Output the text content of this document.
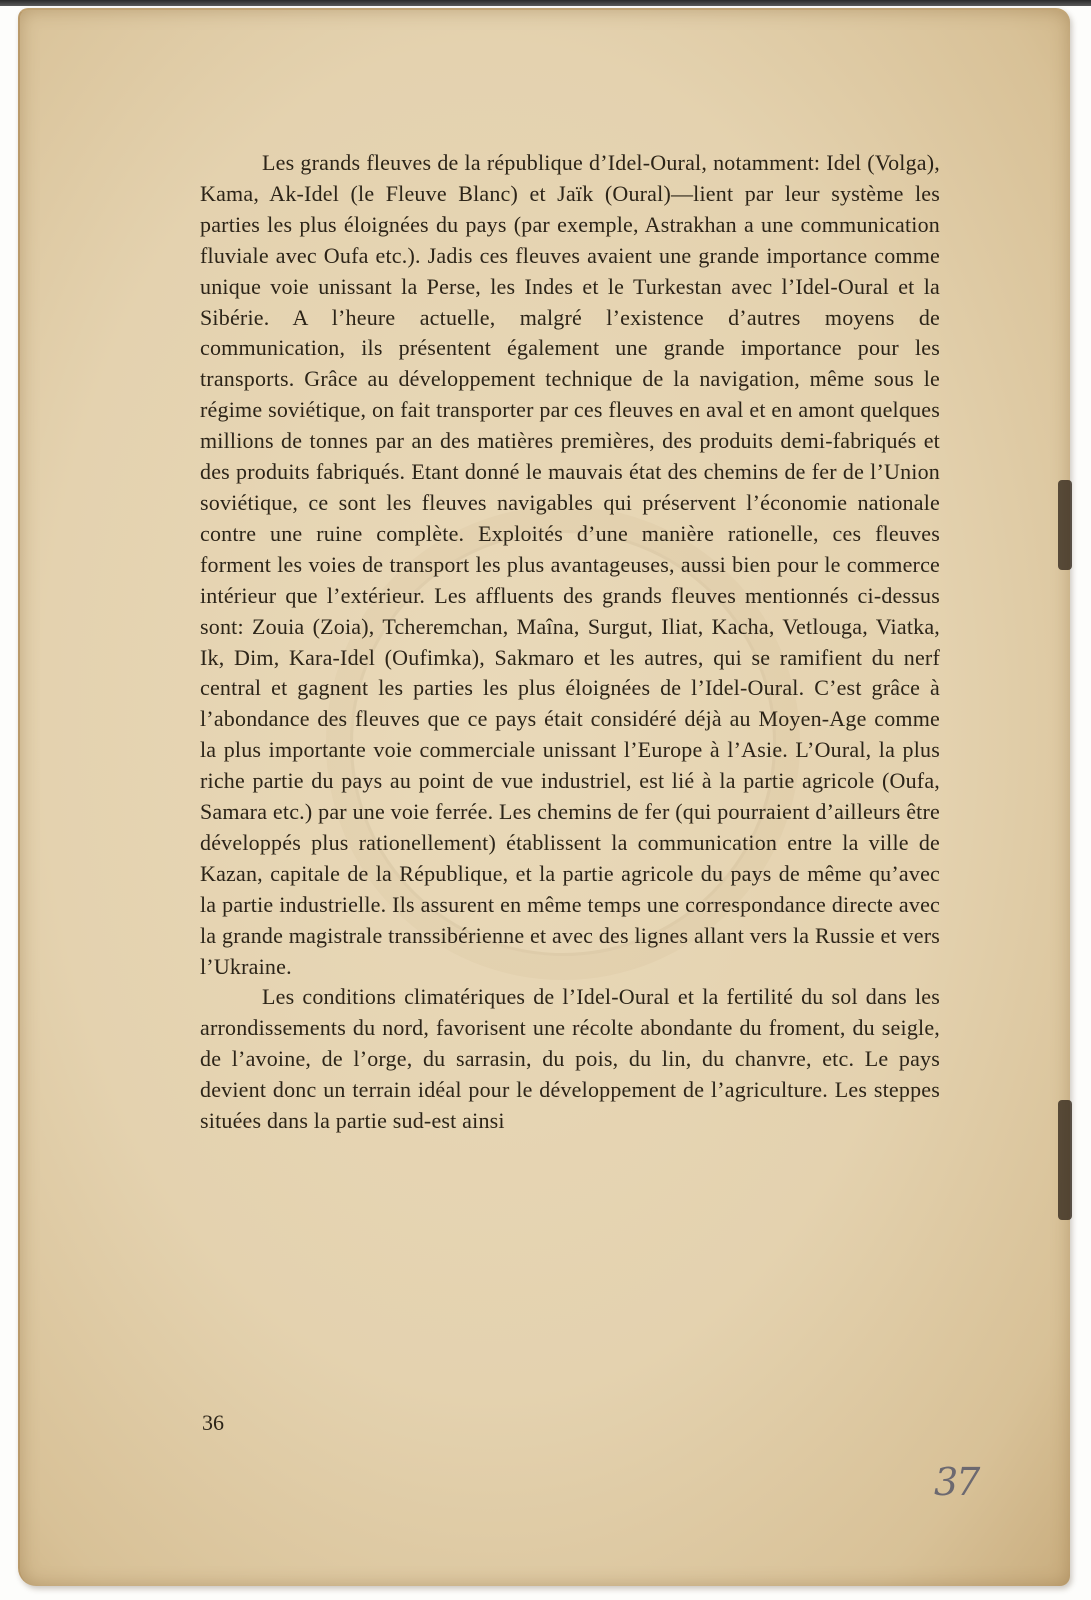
Les grands fleuves de la république d’Idel-Oural, notamment: Idel (Volga), Kama, Ak-Idel (le Fleuve Blanc) et Jaïk (Oural)—lient par leur système les parties les plus éloignées du pays (par exemple, Astrakhan a une communication fluviale avec Oufa etc.). Jadis ces fleuves avaient une grande importance comme unique voie unissant la Perse, les Indes et le Turkestan avec l’Idel-Oural et la Sibérie. A l’heure actuelle, malgré l’existence d’autres moyens de communication, ils présentent également une grande importance pour les transports. Grâce au développement technique de la navigation, même sous le régime soviétique, on fait transporter par ces fleuves en aval et en amont quelques millions de tonnes par an des matières premières, des produits demi-fabriqués et des produits fabriqués. Etant donné le mauvais état des chemins de fer de l’Union soviétique, ce sont les fleuves navigables qui préservent l’économie nationale contre une ruine complète. Exploités d’une manière rationelle, ces fleuves forment les voies de transport les plus avantageuses, aussi bien pour le commerce intérieur que l’extérieur. Les affluents des grands fleuves mentionnés ci-dessus sont: Zouia (Zoia), Tcheremchan, Maîna, Surgut, Iliat, Kacha, Vetlouga, Viatka, Ik, Dim, Kara-Idel (Oufimka), Sakmaro et les autres, qui se ramifient du nerf central et gagnent les parties les plus éloignées de l’Idel-Oural. C’est grâce à l’abondance des fleuves que ce pays était considéré déjà au Moyen-Age comme la plus importante voie commerciale unissant l’Europe à l’Asie. L’Oural, la plus riche partie du pays au point de vue industriel, est lié à la partie agricole (Oufa, Samara etc.) par une voie ferrée. Les chemins de fer (qui pourraient d’ailleurs être développés plus rationellement) établissent la communication entre la ville de Kazan, capitale de la République, et la partie agricole du pays de même qu’avec la partie industrielle. Ils assurent en même temps une correspondance directe avec la grande magistrale transsibérienne et avec des lignes allant vers la Russie et vers l’Ukraine.

Les conditions climatériques de l’Idel-Oural et la fertilité du sol dans les arrondissements du nord, favorisent une récolte abondante du froment, du seigle, de l’avoine, de l’orge, du sarrasin, du pois, du lin, du chanvre, etc. Le pays devient donc un terrain idéal pour le développement de l’agriculture. Les steppes situées dans la partie sud-est ainsi

36
37
